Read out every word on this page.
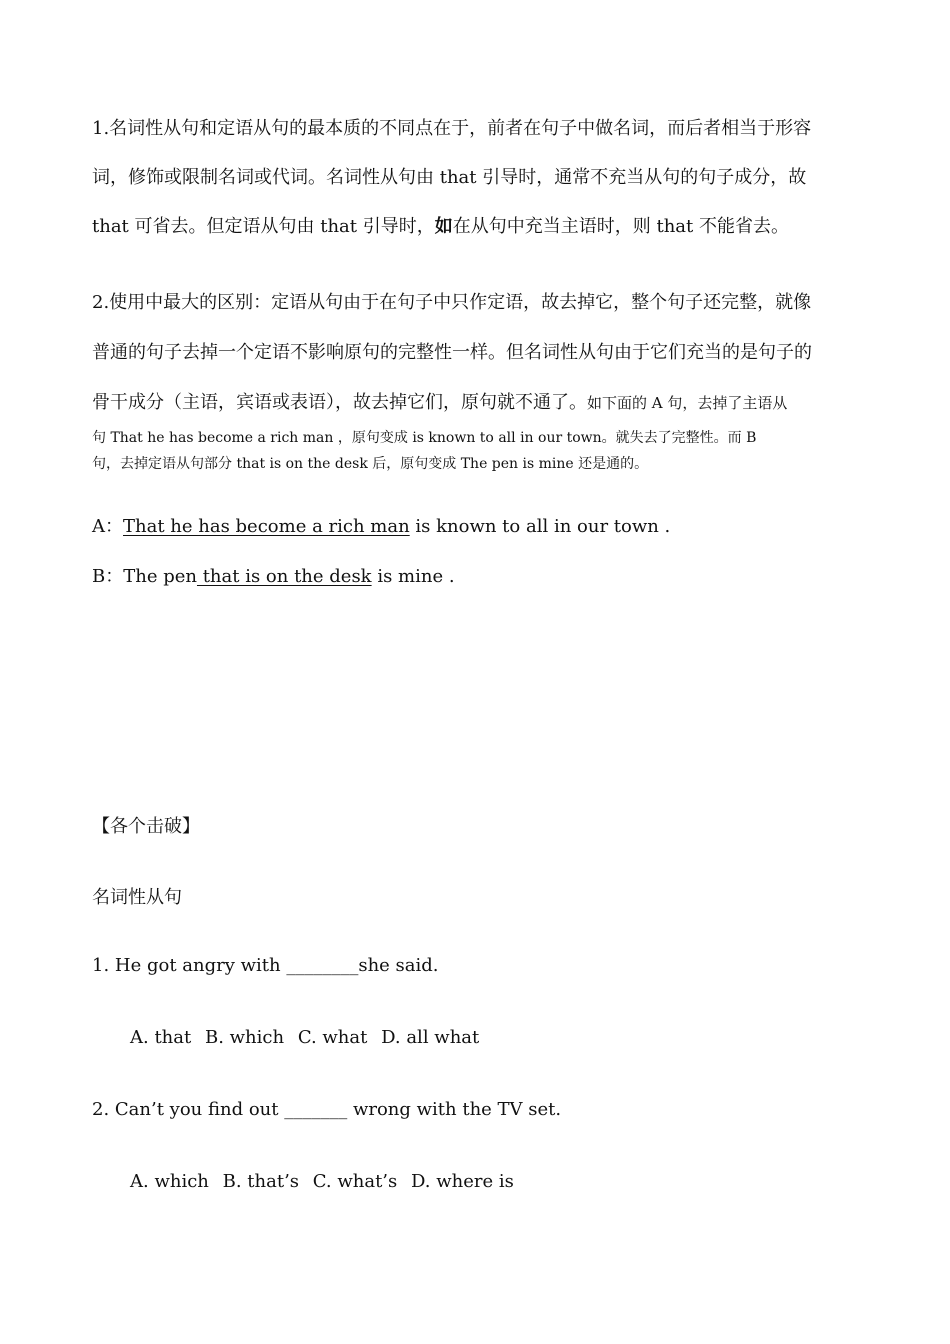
1.名词性从句和定语从句的最本质的不同点在于，前者在句子中做名词，而后者相当于形容
词，修饰或限制名词或代词。名词性从句由 that 引导时，通常不充当从句的句子成分，故
that 可省去。但定语从句由 that 引导时，如在从句中充当主语时，则 that 不能省去。
2.使用中最大的区别：定语从句由于在句子中只作定语，故去掉它，整个句子还完整，就像
普通的句子去掉一个定语不影响原句的完整性一样。但名词性从句由于它们充当的是句子的
骨干成分（主语，宾语或表语），故去掉它们，原句就不通了。如下面的 A 句，去掉了主语从
句 That he has become a rich man ，原句变成 is known to all in our town。就失去了完整性。而 B
句，去掉定语从句部分 that is on the desk 后，原句变成 The pen is mine 还是通的。
A：That he has become a rich man is known to all in our town .
B：The pen that is on the desk is mine .
【各个击破】
名词性从句
1. He got angry with ________she said.
A. that B. which C. what D. all what
2. Can’t you find out _______ wrong with the TV set.
A. which B. that’s C. what’s D. where is
